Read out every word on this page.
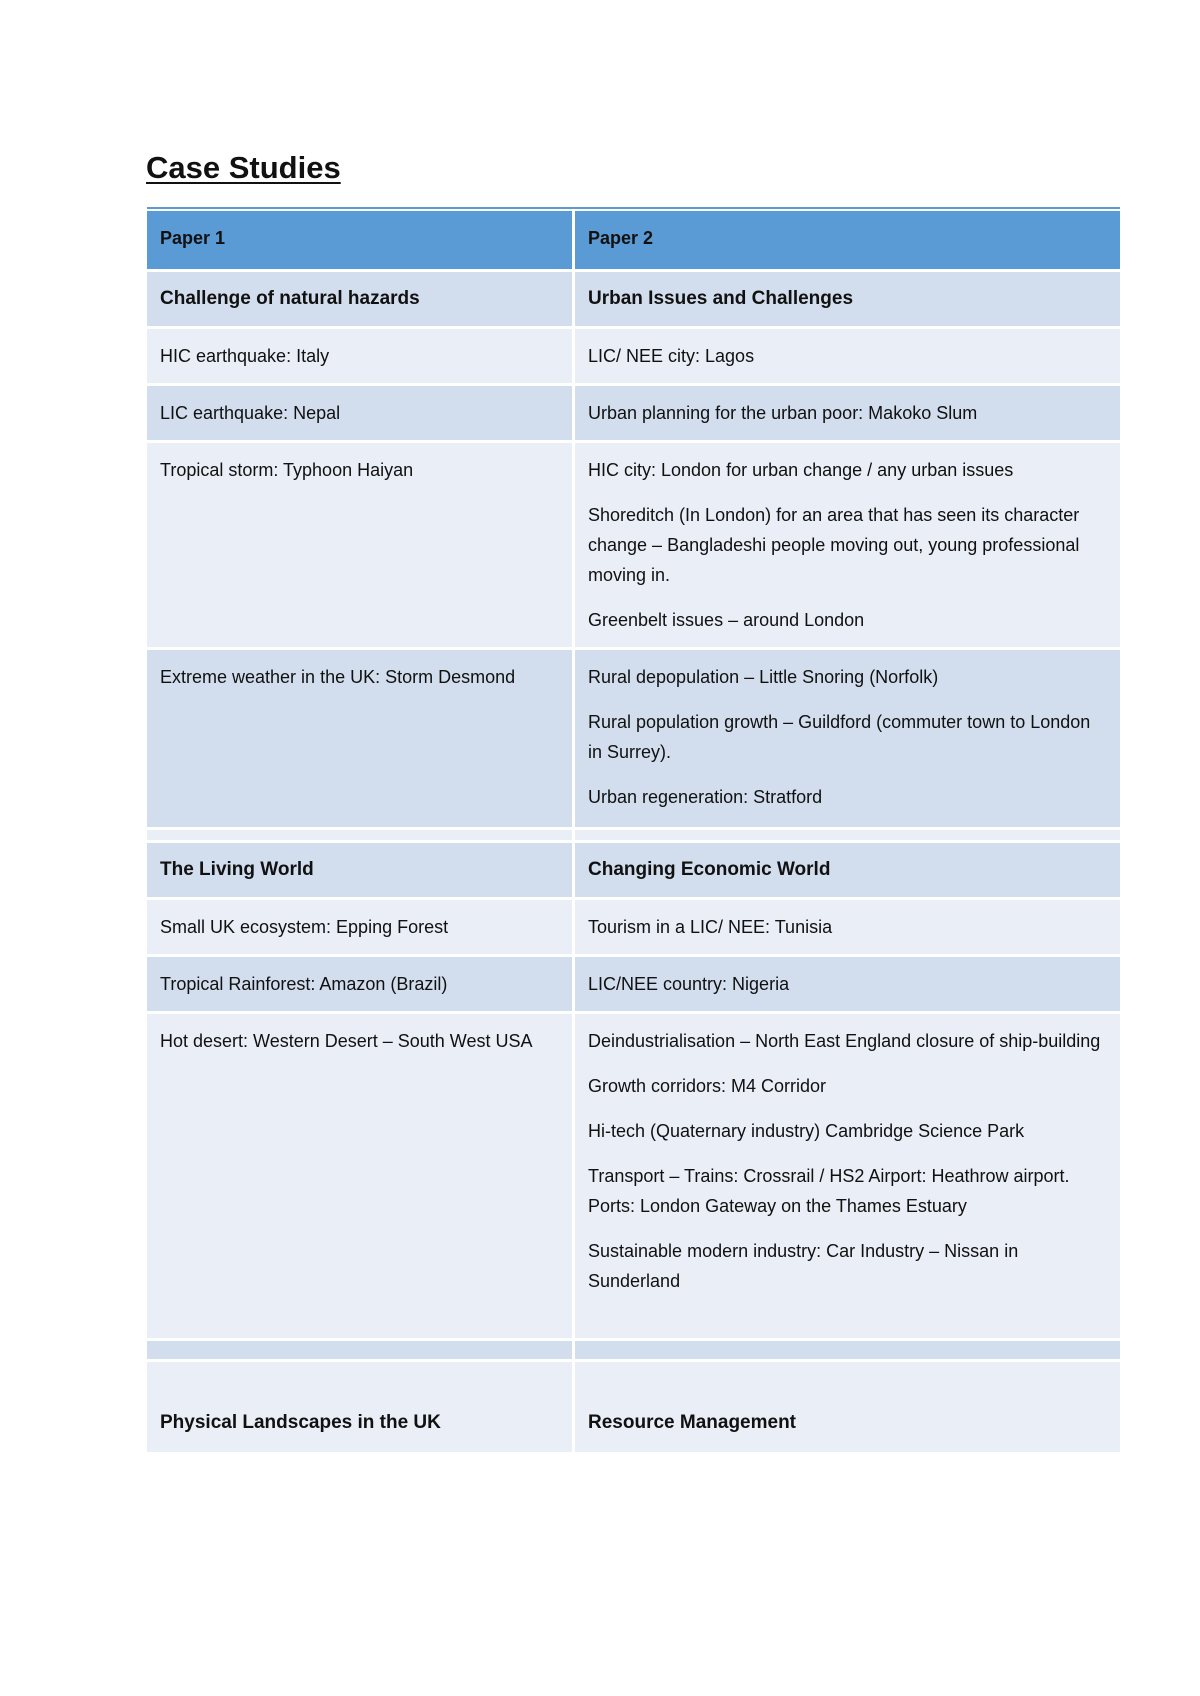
Case Studies
Paper 1	Paper 2

Challenge of natural hazards	Urban Issues and Challenges

HIC earthquake: Italy	LIC/ NEE city: Lagos

LIC earthquake: Nepal	Urban planning for the urban poor: Makoko Slum

Tropical storm: Typhoon Haiyan	HIC city: London for urban change / any urban issues
Shoreditch (In London) for an area that has seen its character change – Bangladeshi people moving out, young professional moving in.
Greenbelt issues – around London

Extreme weather in the UK: Storm Desmond	Rural depopulation – Little Snoring (Norfolk)
Rural population growth – Guildford (commuter town to London in Surrey).
Urban regeneration: Stratford

The Living World	Changing Economic World

Small UK ecosystem: Epping Forest	Tourism in a LIC/ NEE: Tunisia

Tropical Rainforest: Amazon (Brazil)	LIC/NEE country: Nigeria

Hot desert: Western Desert – South West USA	Deindustrialisation – North East England closure of ship-building
Growth corridors: M4 Corridor
Hi-tech (Quaternary industry) Cambridge Science Park
Transport – Trains: Crossrail / HS2 Airport: Heathrow airport. Ports: London Gateway on the Thames Estuary
Sustainable modern industry: Car Industry – Nissan in Sunderland

Physical Landscapes in the UK	Resource Management
